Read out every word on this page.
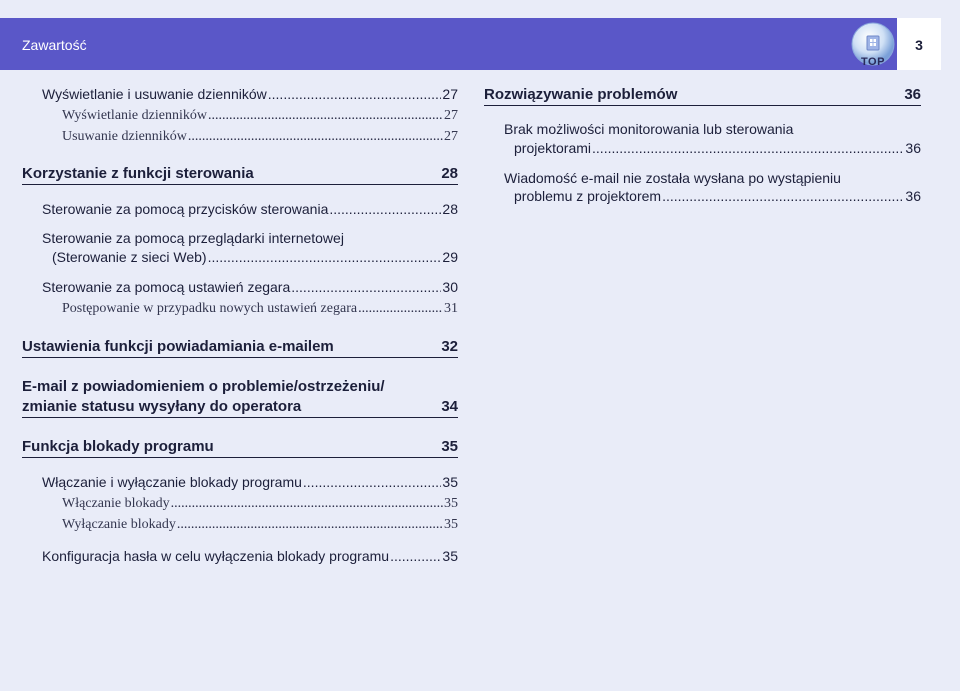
Zawartość	3
TOP
Wyświetlanie i usuwanie dzienników .....	27
Wyświetlanie dzienników .....	27
Usuwanie dzienników .....	27
Korzystanie z funkcji sterowania	28
Sterowanie za pomocą przycisków sterowania .....	28
Sterowanie za pomocą przeglądarki internetowej
(Sterowanie z sieci Web) .....	29
Sterowanie za pomocą ustawień zegara .....	30
Postępowanie w przypadku nowych ustawień zegara .....	31
Ustawienia funkcji powiadamiania e-mailem	32
E-mail z powiadomieniem o problemie/ostrzeżeniu/
zmianie statusu wysyłany do operatora	34
Funkcja blokady programu	35
Włączanie i wyłączanie blokady programu .....	35
Włączanie blokady .....	35
Wyłączanie blokady .....	35
Konfiguracja hasła w celu wyłączenia blokady programu .....	35
Rozwiązywanie problemów	36
Brak możliwości monitorowania lub sterowania
projektorami .....	36
Wiadomość e-mail nie została wysłana po wystąpieniu
problemu z projektorem .....	36
